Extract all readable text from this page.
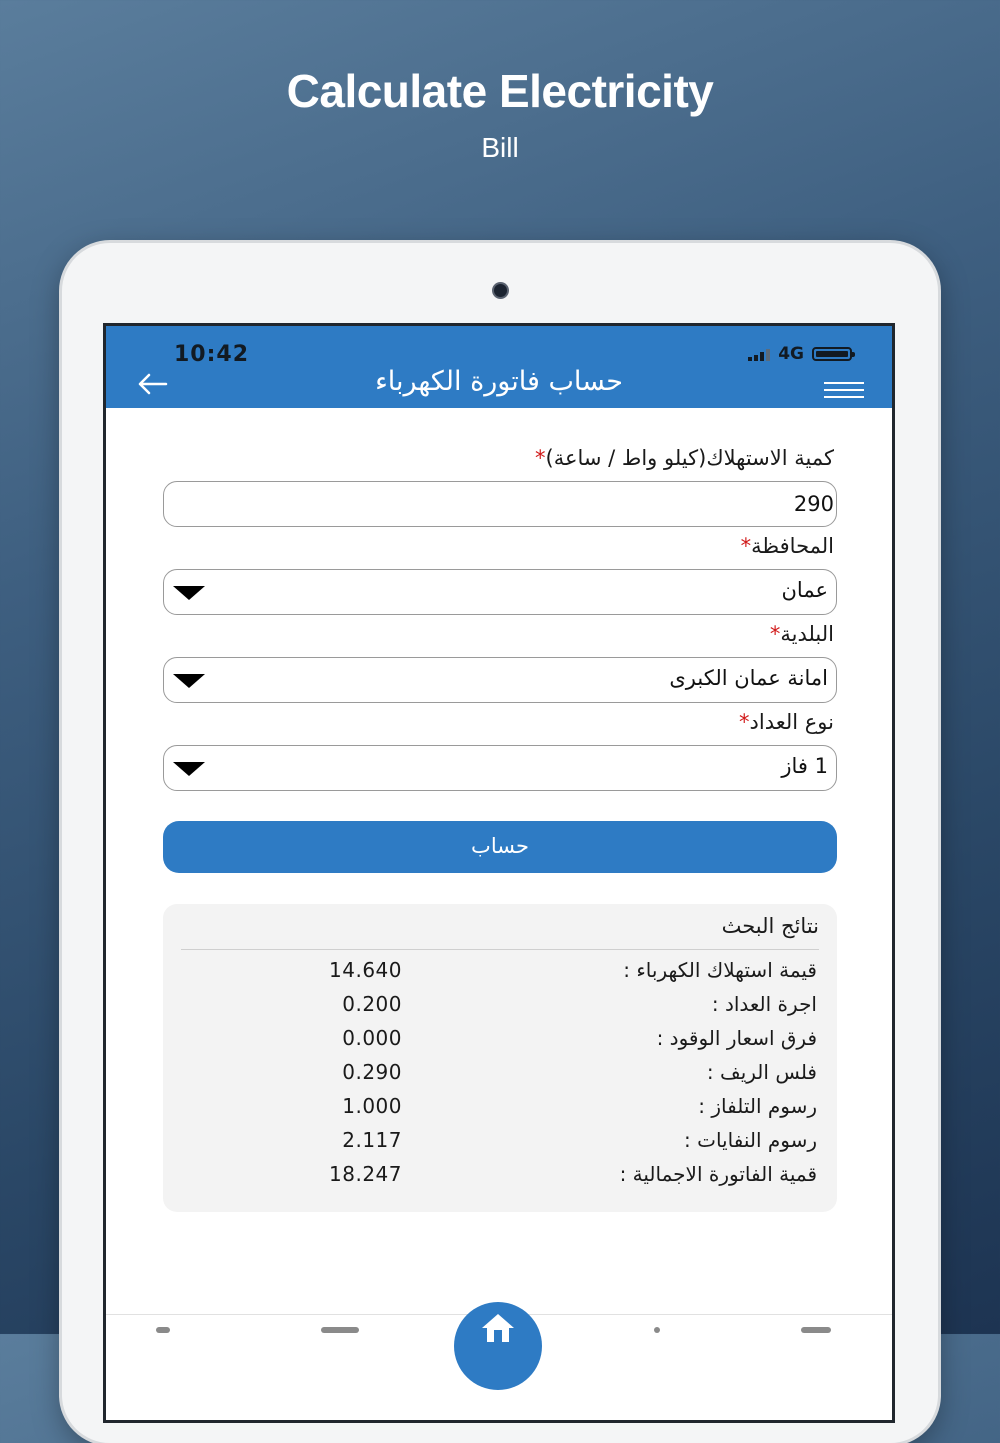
Calculate Electricity
Bill
10:42	4G
حساب فاتورة الكهرباء
كمية الاستهلاك(كيلو واط / ساعة)*
290
المحافظة*
عمان
البلدية*
امانة عمان الكبرى
نوع العداد*
1 فاز
حساب
نتائج البحث
قيمة استهلاك الكهرباء :
14.640
اجرة العداد :
0.200
فرق اسعار الوقود :
0.000
فلس الريف :
0.290
رسوم التلفاز :
1.000
رسوم النفايات :
2.117
قمية الفاتورة الاجمالية :
18.247
